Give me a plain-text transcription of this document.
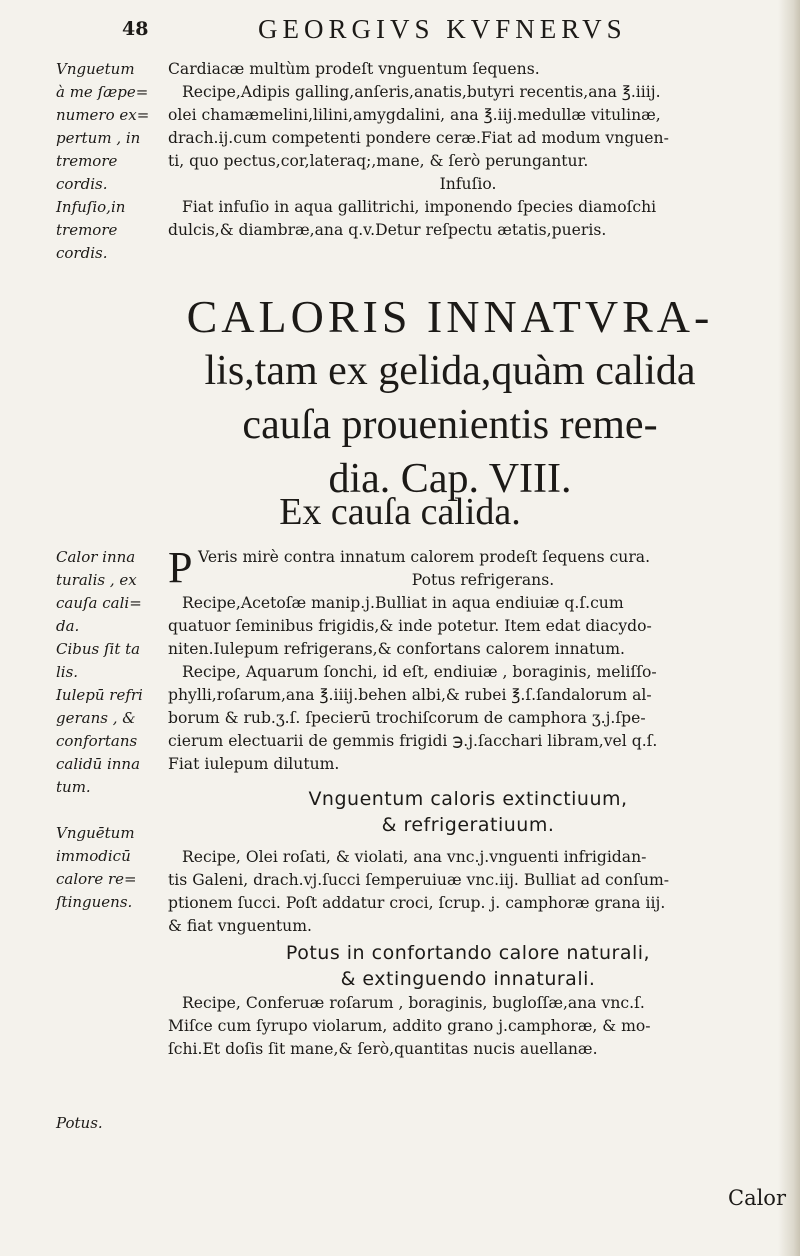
48	GEORGIVS KVFNERVS
Vnguetum
à me ſæpe=
numero ex=
pertum , in
tremore
cordis.
Infuſio,in
tremore
cordis.
Cardiacæ multùm prodeſt vnguentum ſequens.
Recipe,Adipis galling̨,anſeris,anatis,butyri recentis,ana ℥.iiij.
olei chamæmelini,lilini,amygdalini, ana ℥.iij.medullæ vitulinæ,
drach.ij.cum competenti pondere ceræ.Fiat ad modum vnguen-
ti, quo pectus,cor,lateraq;,mane, & ſerò perungantur.
Infuſio.
Fiat infuſio in aqua gallitrichi, imponendo ſpecies diamoſchi
dulcis,& diambræ,ana q.v.Detur reſpectu ætatis,pueris.
CALORIS INNATVRA-
lis,tam ex gelida,quàm calida
cauſa prouenientis reme-
dia. Cap. VIII.
Ex cauſa calida.
Calor inna
turalis , ex
cauſa cali=
da.
Cibus ſit ta
lis.
Iulepū refri
gerans , &
confortans
calidū inna
tum.
P Veris mirè contra innatum calorem prodeſt ſequens cura.
Potus refrigerans.
Recipe,Acetoſæ manip.j.Bulliat in aqua endiuiæ q.ſ.cum
quatuor ſeminibus frigidis,& inde potetur. Item edat diacydo-
niten.Iulepum refrigerans,& confortans calorem innatum.
Recipe, Aquarum ſonchi, id eſt, endiuiæ , boraginis, meliſſo-
phylli,roſarum,ana ℥.iiij.behen albi,& rubei ℥.ſ.ſandalorum al-
borum & rub.ʒ.ſ. ſpecierū trochiſcorum de camphora ʒ.j.ſpe-
cierum electuarii de gemmis frigidi ℈.j.ſacchari libram,vel q.ſ.
Fiat iulepum dilutum.
Vnguētum
immodicū
calore re=
ſtinguens.
Vnguentum caloris extinctiuum,
& refrigeratiuum.
Recipe, Olei roſati, & violati, ana vnc.j.vnguenti infrigidan-
tis Galeni, drach.vj.ſucci ſemperuiuæ vnc.iij. Bulliat ad conſum-
ptionem ſucci. Poſt addatur croci, ſcrup. j. camphoræ grana iij.
& fiat vnguentum.
Potus in confortando calore naturali,
& extinguendo innaturali.
Recipe, Conferuæ roſarum , boraginis, bugloſſæ,ana vnc.ſ.
Miſce cum ſyrupo violarum, addito grano j.camphoræ, & mo-
ſchi.Et doſis ſit mane,& ſerò,quantitas nucis auellanæ.
Potus.
Calor
